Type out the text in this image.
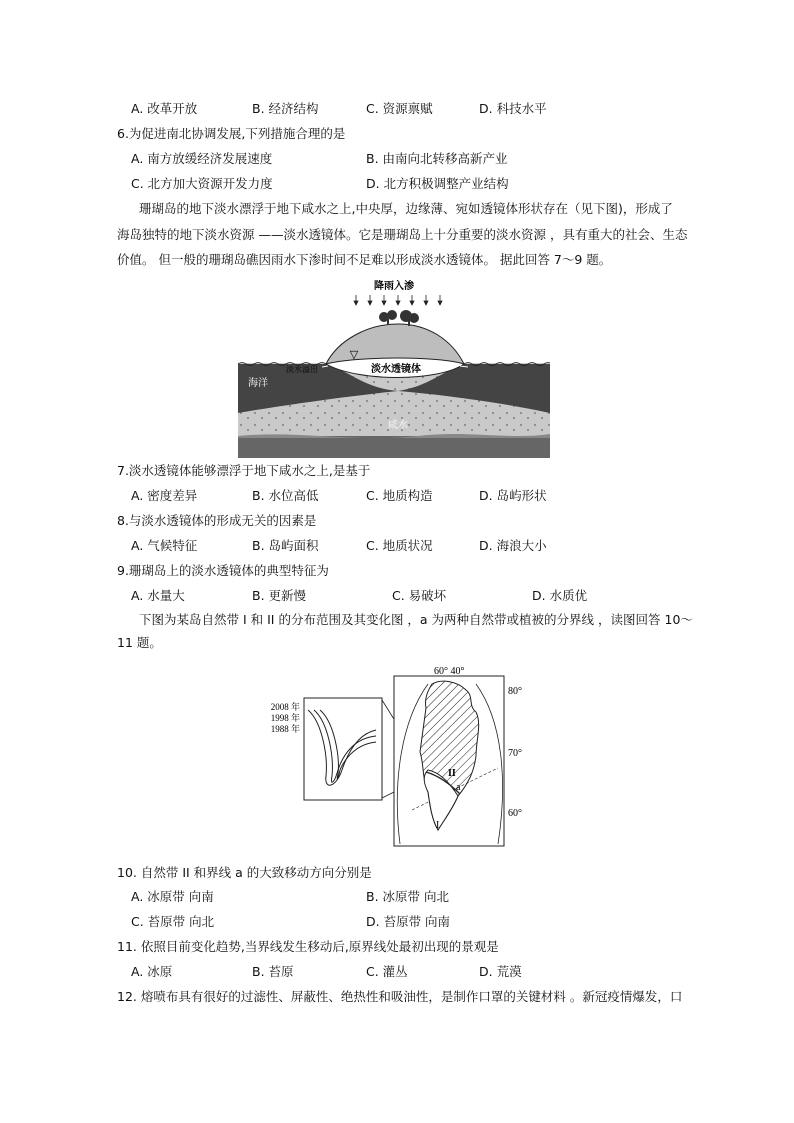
A. 改革开放	B. 经济结构	C. 资源禀赋	D. 科技水平
6.为促进南北协调发展,下列措施合理的是
A. 南方放缓经济发展速度	B. 由南向北转移高新产业
C. 北方加大资源开发力度	D. 北方积极调整产业结构
珊瑚岛的地下淡水漂浮于地下咸水之上,中央厚，边缘薄、宛如透镜体形状存在（见下图)，形成了
海岛独特的地下淡水资源 ——淡水透镜体。它是珊瑚岛上十分重要的淡水资源 ，具有重大的社会、生态
价值。 但一般的珊瑚岛礁因雨水下渗时间不足难以形成淡水透镜体。 据此回答 7～9 题。
降雨入渗
▽
淡水溢出
海洋
淡水透镜体
咸水
7.淡水透镜体能够漂浮于地下咸水之上,是基于
A. 密度差异	B. 水位高低	C. 地质构造	D. 岛屿形状
8.与淡水透镜体的形成无关的因素是
A. 气候特征	B. 岛屿面积	C. 地质状况	D. 海浪大小
9.珊瑚岛上的淡水透镜体的典型特征为
A. 水量大	B. 更新慢	C. 易破坏	D. 水质优
下图为某岛自然带 I 和 II 的分布范围及其变化图 ，a 为两种自然带或植被的分界线 ，读图回答 10～
11 题。
2008 年
1998 年
1988 年
60° 40°
80°
70°
60°
II
a
I
10. 自然带 II 和界线 a 的大致移动方向分别是
A. 冰原带 向南	B. 冰原带 向北
C. 苔原带 向北	D. 苔原带 向南
11. 依照目前变化趋势,当界线发生移动后,原界线处最初出现的景观是
A. 冰原	B. 苔原	C. 灌丛	D. 荒漠
12. 熔喷布具有很好的过滤性、屏蔽性、绝热性和吸油性，是制作口罩的关键材料 。新冠疫情爆发，口
